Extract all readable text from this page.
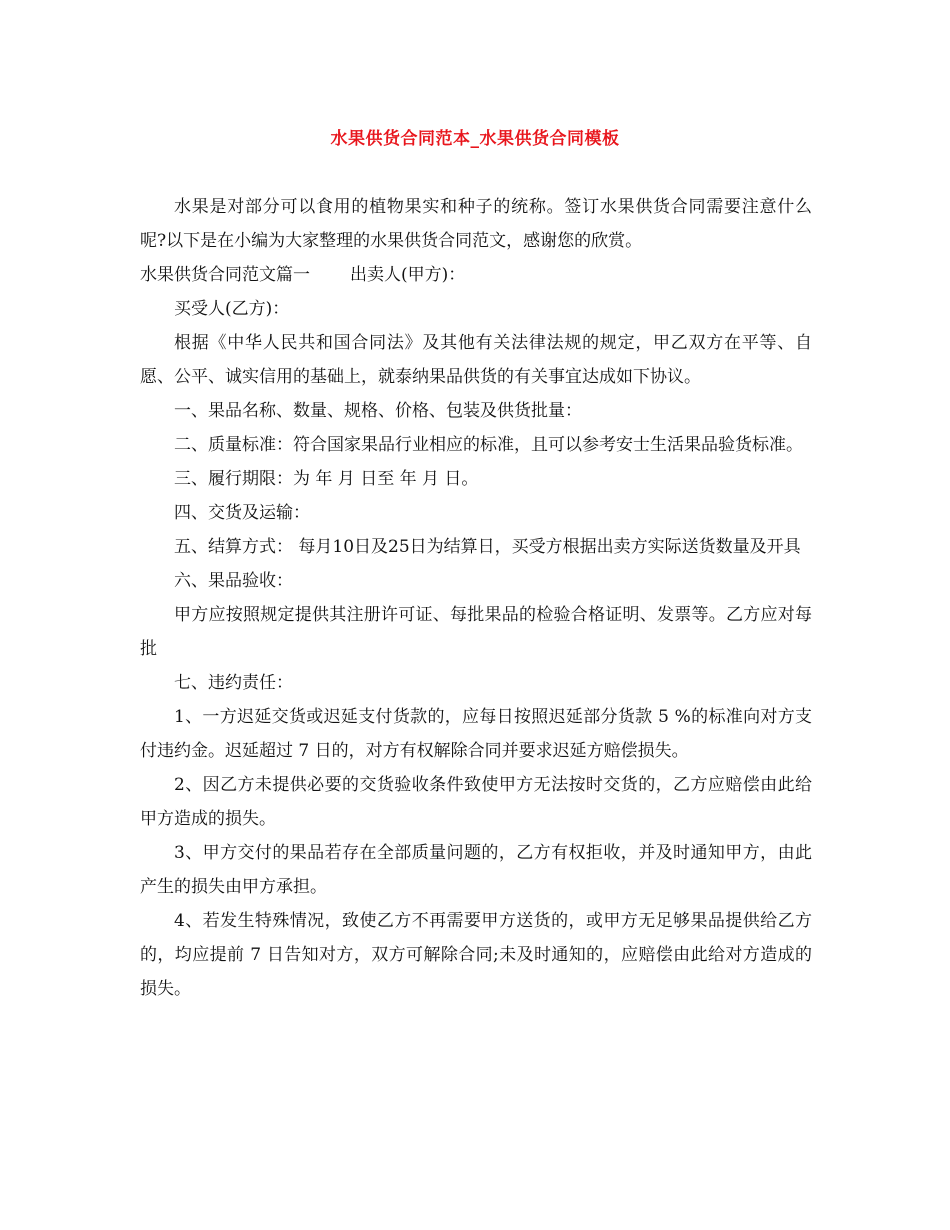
水果供货合同范本_水果供货合同模板

水果是对部分可以食用的植物果实和种子的统称。签订水果供货合同需要注意什么呢?以下是在小编为大家整理的水果供货合同范文，感谢您的欣赏。

水果供货合同范文篇一 出卖人(甲方)：

买受人(乙方)：

根据《中华人民共和国合同法》及其他有关法律法规的规定，甲乙双方在平等、自愿、公平、诚实信用的基础上，就泰纳果品供货的有关事宜达成如下协议。

一、果品名称、数量、规格、价格、包装及供货批量：

二、质量标准：符合国家果品行业相应的标准，且可以参考安士生活果品验货标准。

三、履行期限：为 年 月 日至 年 月 日。

四、交货及运输：

五、结算方式： 每月10日及25日为结算日，买受方根据出卖方实际送货数量及开具

六、果品验收：

甲方应按照规定提供其注册许可证、每批果品的检验合格证明、发票等。乙方应对每批

七、违约责任：

1、一方迟延交货或迟延支付货款的，应每日按照迟延部分货款 5 %的标准向对方支付违约金。迟延超过 7 日的，对方有权解除合同并要求迟延方赔偿损失。

2、因乙方未提供必要的交货验收条件致使甲方无法按时交货的，乙方应赔偿由此给甲方造成的损失。

3、甲方交付的果品若存在全部质量问题的，乙方有权拒收，并及时通知甲方，由此产生的损失由甲方承担。

4、若发生特殊情况，致使乙方不再需要甲方送货的，或甲方无足够果品提供给乙方的，均应提前 7 日告知对方，双方可解除合同;未及时通知的，应赔偿由此给对方造成的损失。
